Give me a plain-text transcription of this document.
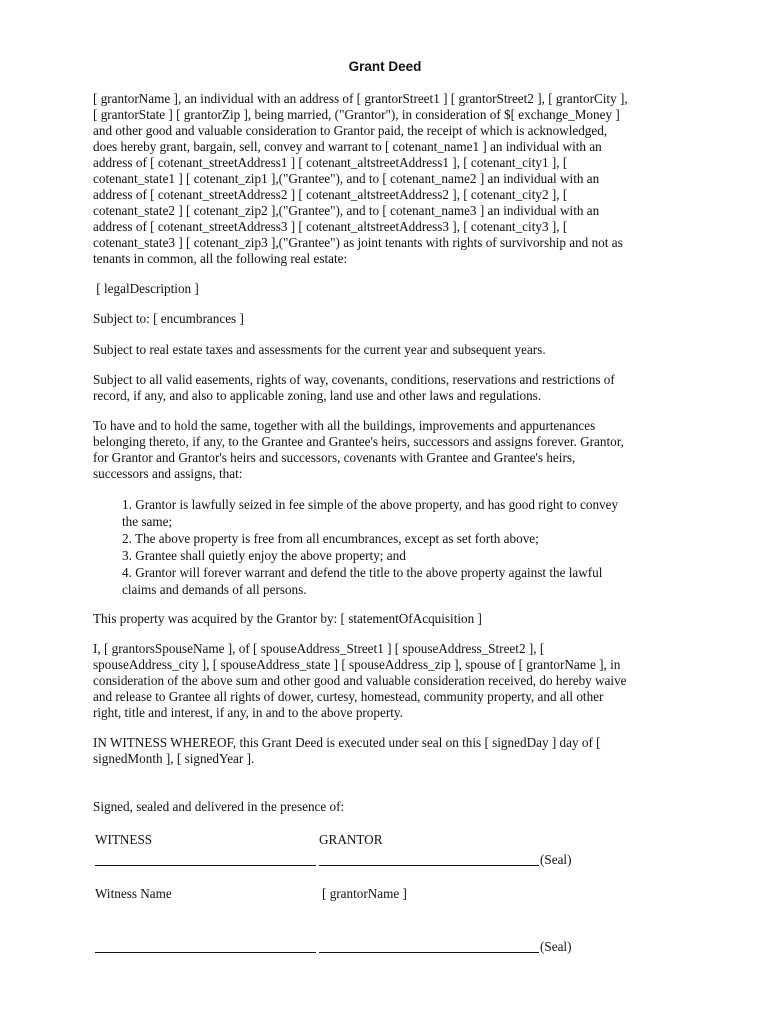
Grant Deed
[ grantorName ], an individual with an address of [ grantorStreet1 ] [ grantorStreet2 ], [ grantorCity ],
[ grantorState ] [ grantorZip ], being married, ("Grantor"), in consideration of $[ exchange_Money ]
and other good and valuable consideration to Grantor paid, the receipt of which is acknowledged,
does hereby grant, bargain, sell, convey and warrant to [ cotenant_name1 ] an individual with an
address of [ cotenant_streetAddress1 ] [ cotenant_altstreetAddress1 ], [ cotenant_city1 ], [
cotenant_state1 ] [ cotenant_zip1 ],("Grantee"), and to [ cotenant_name2 ] an individual with an
address of [ cotenant_streetAddress2 ] [ cotenant_altstreetAddress2 ], [ cotenant_city2 ], [
cotenant_state2 ] [ cotenant_zip2 ],("Grantee"), and to [ cotenant_name3 ] an individual with an
address of [ cotenant_streetAddress3 ] [ cotenant_altstreetAddress3 ], [ cotenant_city3 ], [
cotenant_state3 ] [ cotenant_zip3 ],("Grantee") as joint tenants with rights of survivorship and not as
tenants in common, all the following real estate:
[ legalDescription ]
Subject to: [ encumbrances ]
Subject to real estate taxes and assessments for the current year and subsequent years.
Subject to all valid easements, rights of way, covenants, conditions, reservations and restrictions of
record, if any, and also to applicable zoning, land use and other laws and regulations.
To have and to hold the same, together with all the buildings, improvements and appurtenances
belonging thereto, if any, to the Grantee and Grantee's heirs, successors and assigns forever. Grantor,
for Grantor and Grantor's heirs and successors, covenants with Grantee and Grantee's heirs,
successors and assigns, that:
1. Grantor is lawfully seized in fee simple of the above property, and has good right to convey
the same;
2. The above property is free from all encumbrances, except as set forth above;
3. Grantee shall quietly enjoy the above property; and
4. Grantor will forever warrant and defend the title to the above property against the lawful
claims and demands of all persons.
This property was acquired by the Grantor by: [ statementOfAcquisition ]
I, [ grantorsSpouseName ], of [ spouseAddress_Street1 ] [ spouseAddress_Street2 ], [
spouseAddress_city ], [ spouseAddress_state ] [ spouseAddress_zip ], spouse of [ grantorName ], in
consideration of the above sum and other good and valuable consideration received, do hereby waive
and release to Grantee all rights of dower, curtesy, homestead, community property, and all other
right, title and interest, if any, in and to the above property.
IN WITNESS WHEREOF, this Grant Deed is executed under seal on this [ signedDay ] day of [
signedMonth ], [ signedYear ].
Signed, sealed and delivered in the presence of:
WITNESS	GRANTOR
(Seal)
Witness Name	[ grantorName ]
(Seal)
